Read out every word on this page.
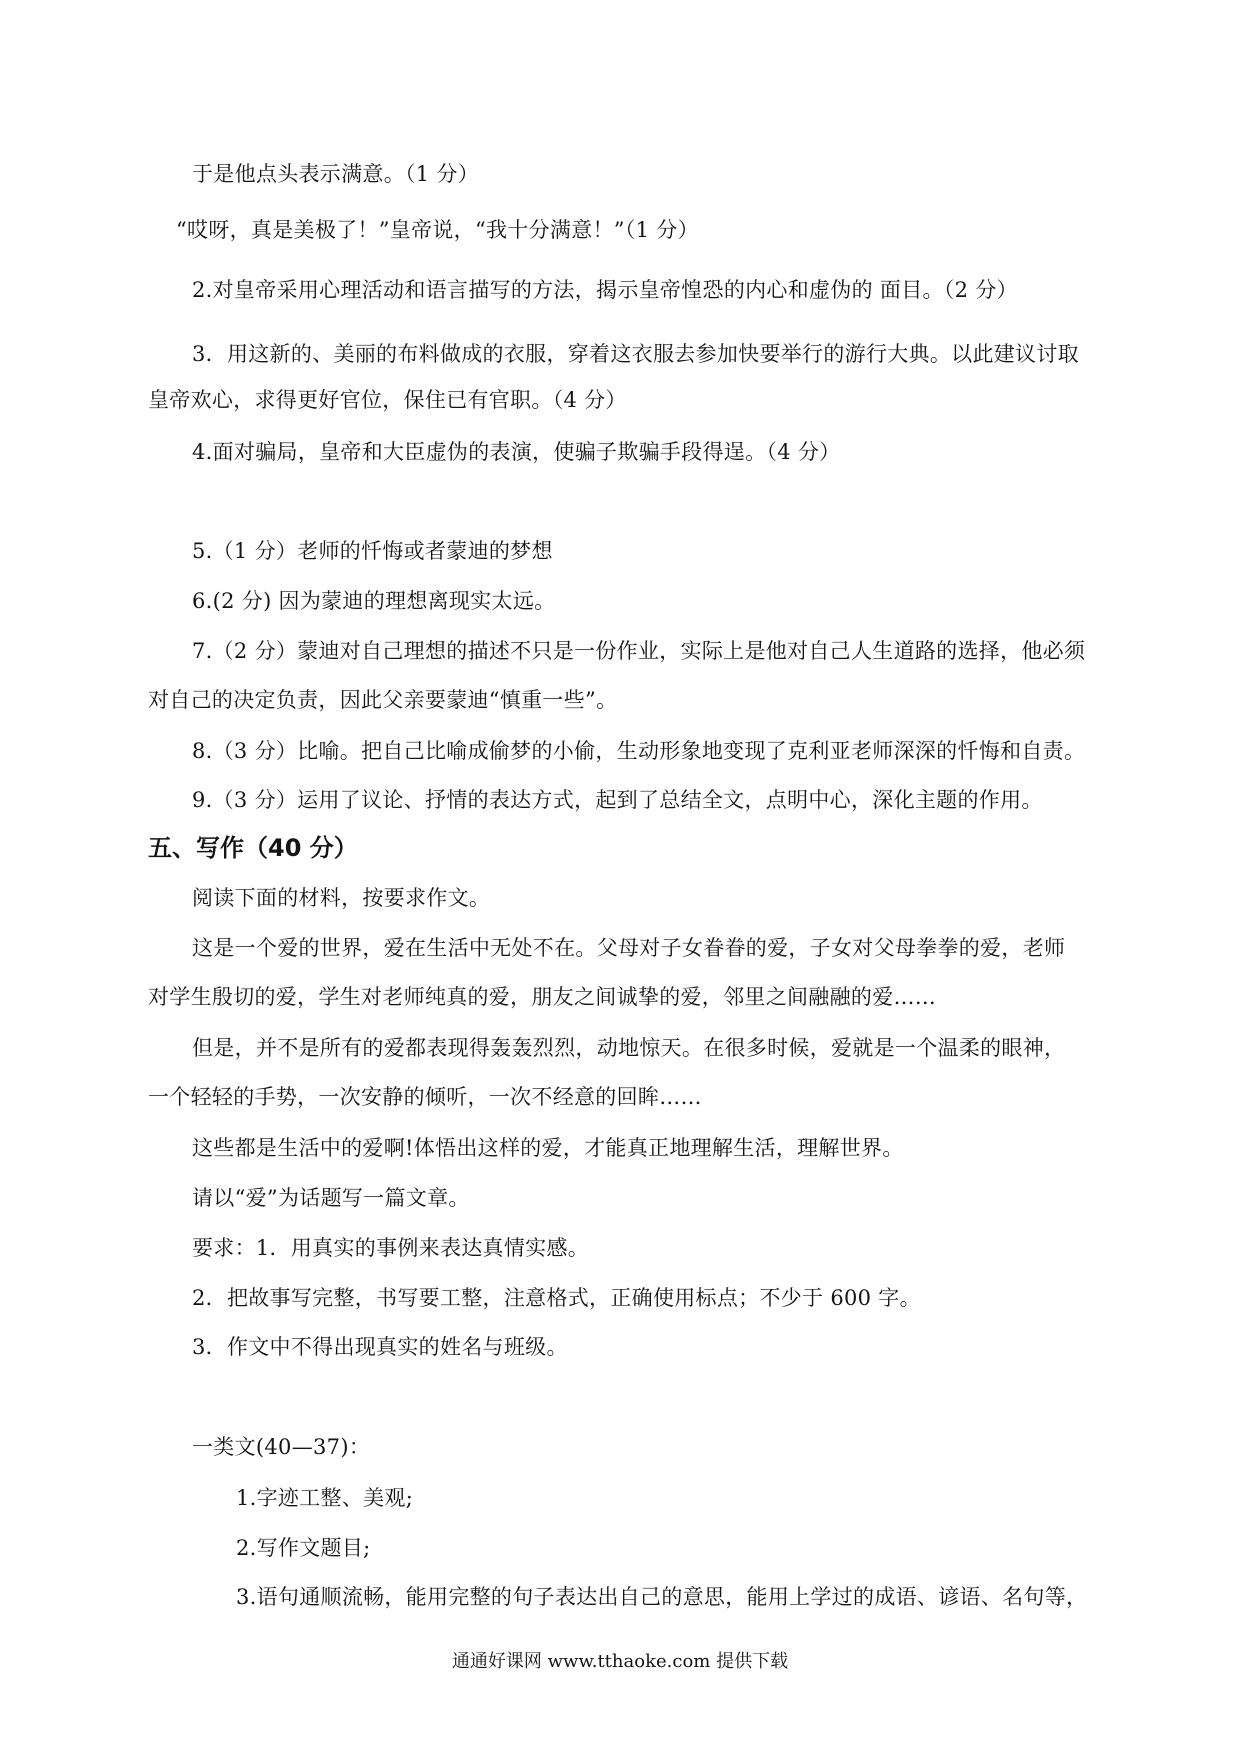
于是他点头表示满意。（1 分）
“哎呀，真是美极了！”皇帝说，“我十分满意！”（1 分）
2.对皇帝采用心理活动和语言描写的方法，揭示皇帝惶恐的内心和虚伪的 面目。（2 分）
3．用这新的、美丽的布料做成的衣服，穿着这衣服去参加快要举行的游行大典。以此建议讨取
皇帝欢心，求得更好官位，保住已有官职。（4 分）
4.面对骗局，皇帝和大臣虚伪的表演，使骗子欺骗手段得逞。（4 分）
5.（1 分）老师的忏悔或者蒙迪的梦想
6.(2 分) 因为蒙迪的理想离现实太远。
7.（2 分）蒙迪对自己理想的描述不只是一份作业，实际上是他对自己人生道路的选择，他必须
对自己的决定负责，因此父亲要蒙迪“慎重一些”。
8.（3 分）比喻。把自己比喻成偷梦的小偷，生动形象地变现了克利亚老师深深的忏悔和自责。
9.（3 分）运用了议论、抒情的表达方式，起到了总结全文，点明中心，深化主题的作用。
五、写作（40 分）
阅读下面的材料，按要求作文。
这是一个爱的世界，爱在生活中无处不在。父母对子女眷眷的爱，子女对父母拳拳的爱，老师
对学生殷切的爱，学生对老师纯真的爱，朋友之间诚挚的爱，邻里之间融融的爱……
但是，并不是所有的爱都表现得轰轰烈烈，动地惊天。在很多时候，爱就是一个温柔的眼神，
一个轻轻的手势，一次安静的倾听，一次不经意的回眸……
这些都是生活中的爱啊!体悟出这样的爱，才能真正地理解生活，理解世界。
请以“爱”为话题写一篇文章。
要求：1．用真实的事例来表达真情实感。
2．把故事写完整，书写要工整，注意格式，正确使用标点；不少于 600 字。
3．作文中不得出现真实的姓名与班级。
一类文(40—37)：
1.字迹工整、美观;
2.写作文题目;
3.语句通顺流畅，能用完整的句子表达出自己的意思，能用上学过的成语、谚语、名句等，
通通好课网 www.tthaoke.com 提供下载
